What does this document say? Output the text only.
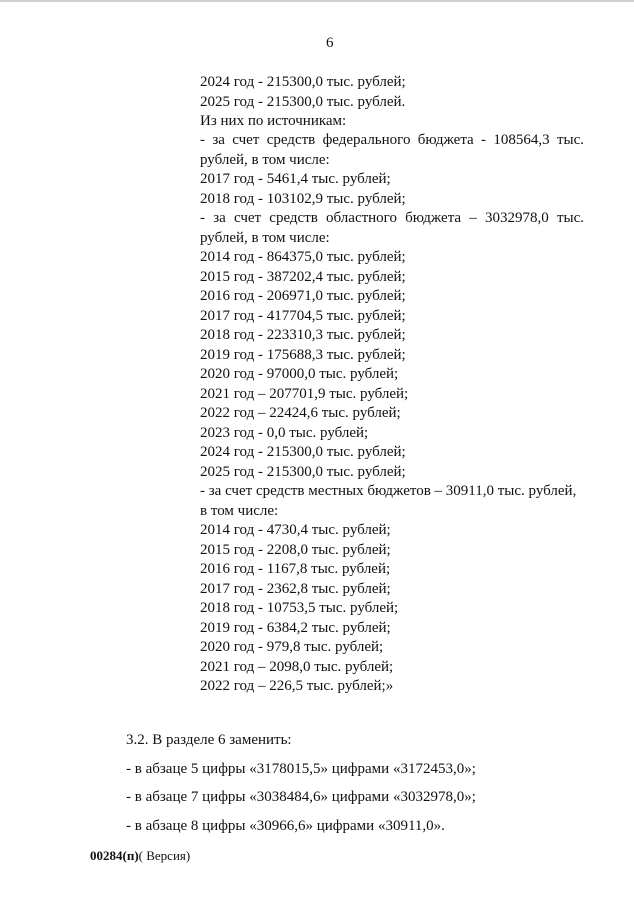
6
2024 год - 215300,0 тыс. рублей;
2025 год - 215300,0 тыс. рублей.
Из них по источникам:
- за счет средств федерального бюджета - 108564,3 тыс.
рублей, в том числе:
2017 год - 5461,4 тыс. рублей;
2018 год - 103102,9 тыс. рублей;
- за счет средств областного бюджета – 3032978,0 тыс.
рублей, в том числе:
2014 год - 864375,0 тыс. рублей;
2015 год - 387202,4 тыс. рублей;
2016 год - 206971,0 тыс. рублей;
2017 год - 417704,5 тыс. рублей;
2018 год - 223310,3 тыс. рублей;
2019 год - 175688,3 тыс. рублей;
2020 год - 97000,0 тыс. рублей;
2021 год – 207701,9 тыс. рублей;
2022 год – 22424,6 тыс. рублей;
2023 год - 0,0 тыс. рублей;
2024 год - 215300,0 тыс. рублей;
2025 год - 215300,0 тыс. рублей;
- за счет средств местных бюджетов – 30911,0 тыс. рублей,
в том числе:
2014 год - 4730,4 тыс. рублей;
2015 год - 2208,0 тыс. рублей;
2016 год - 1167,8 тыс. рублей;
2017 год - 2362,8 тыс. рублей;
2018 год - 10753,5 тыс. рублей;
2019 год - 6384,2 тыс. рублей;
2020 год - 979,8 тыс. рублей;
2021 год – 2098,0 тыс. рублей;
2022 год – 226,5 тыс. рублей;»
3.2. В разделе 6 заменить:
- в абзаце 5 цифры «3178015,5» цифрами «3172453,0»;
- в абзаце 7 цифры «3038484,6» цифрами «3032978,0»;
- в абзаце 8 цифры «30966,6» цифрами «30911,0».
00284(п)( Версия)
